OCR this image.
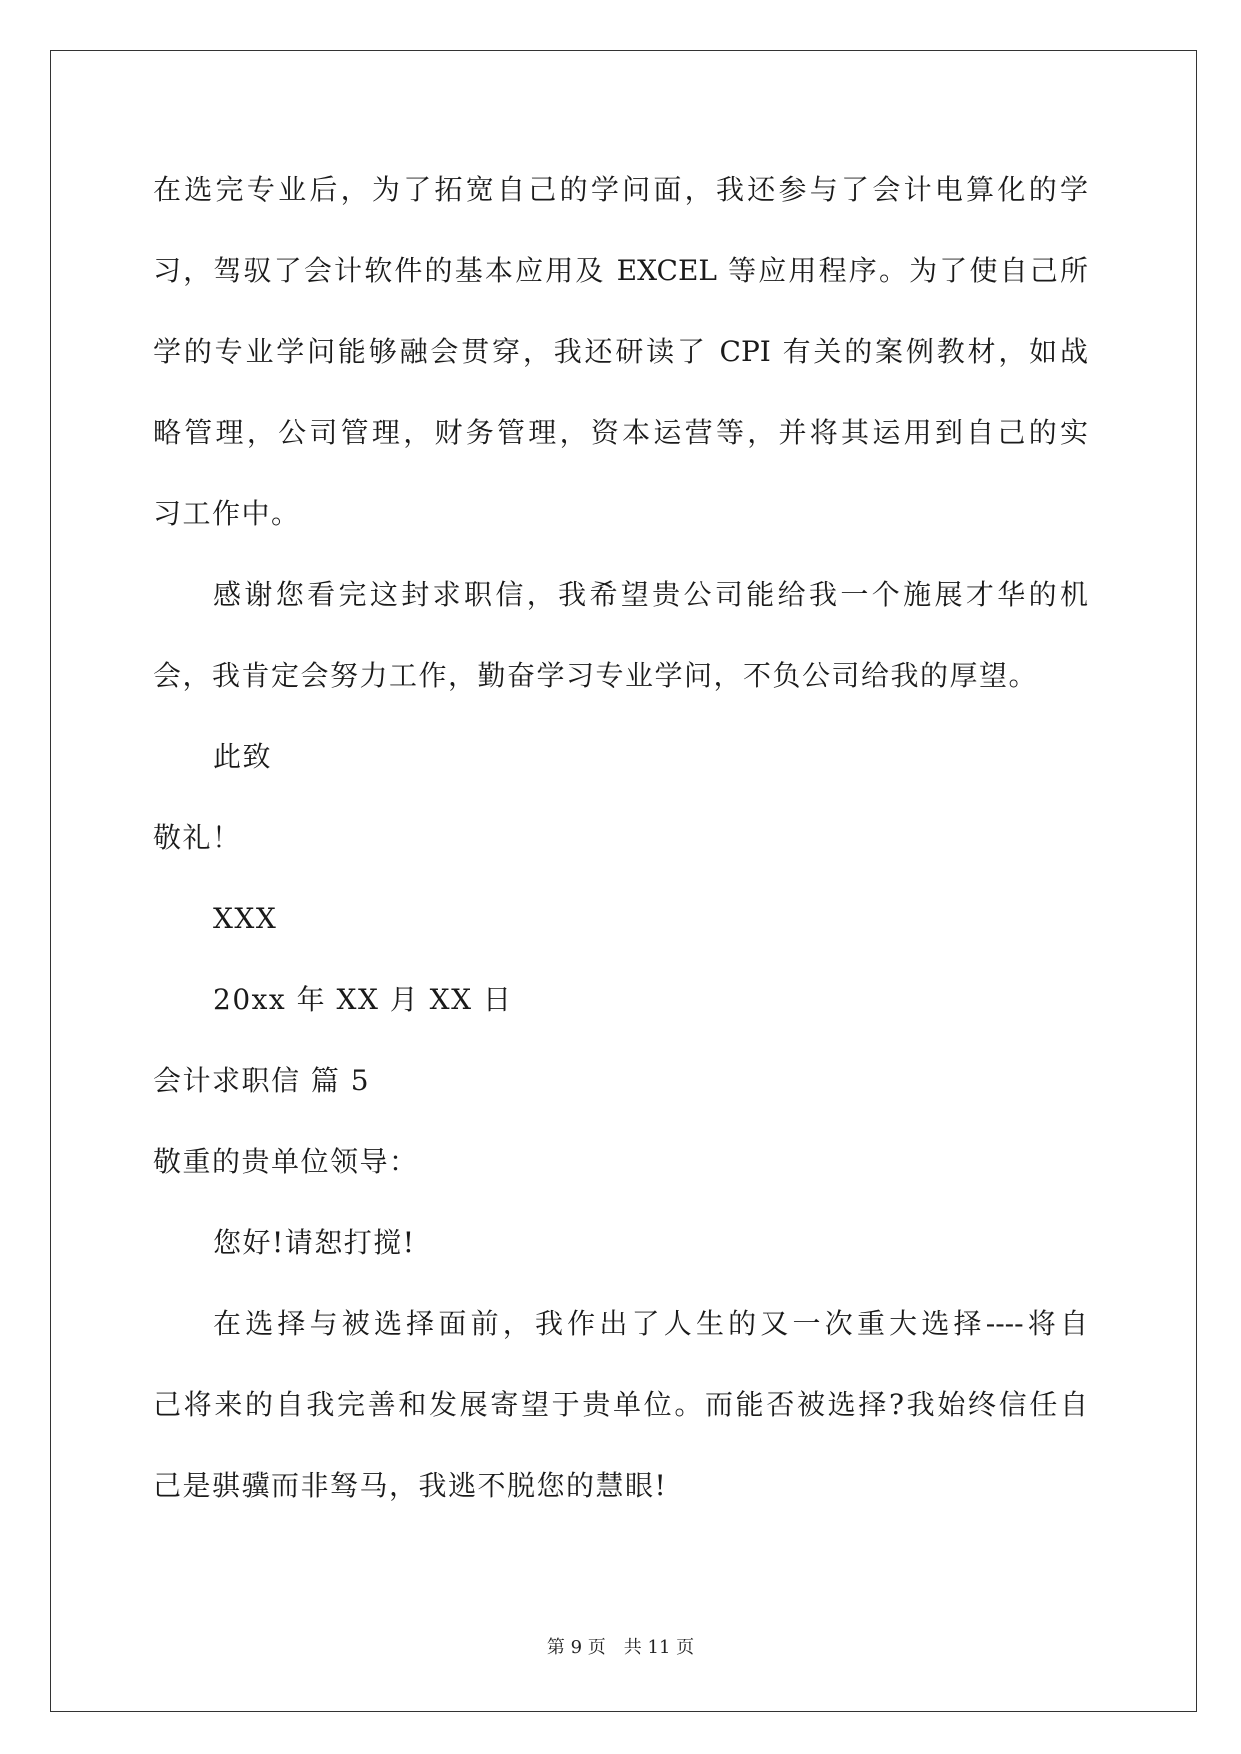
在选完专业后，为了拓宽自己的学问面，我还参与了会计电算化的学
习，驾驭了会计软件的基本应用及 EXCEL 等应用程序。为了使自己所
学的专业学问能够融会贯穿，我还研读了 CPI 有关的案例教材，如战
略管理，公司管理，财务管理，资本运营等，并将其运用到自己的实
习工作中。
感谢您看完这封求职信，我希望贵公司能给我一个施展才华的机
会，我肯定会努力工作，勤奋学习专业学问，不负公司给我的厚望。
此致
敬礼！
XXX
20xx 年 XX 月 XX 日
会计求职信 篇 5
敬重的贵单位领导：
您好!请恕打搅!
在选择与被选择面前，我作出了人生的又一次重大选择----将自
己将来的自我完善和发展寄望于贵单位。而能否被选择?我始终信任自
己是骐骥而非驽马，我逃不脱您的慧眼!
第 9 页 共 11 页
